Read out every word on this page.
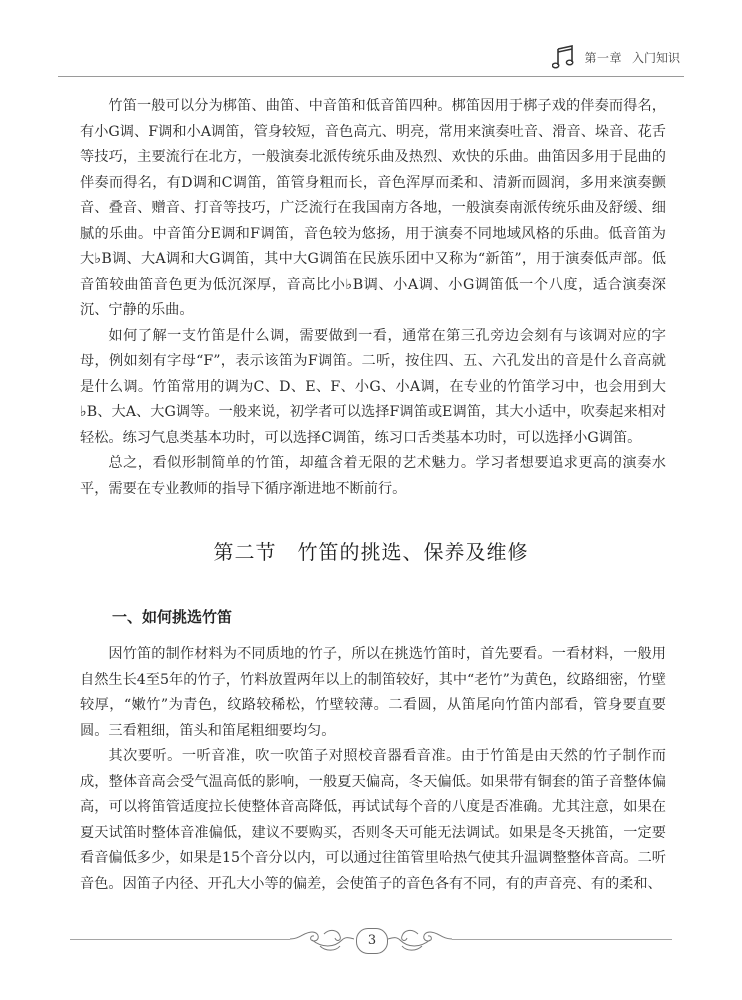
第一章 入门知识

竹笛一般可以分为梆笛、曲笛、中音笛和低音笛四种。梆笛因用于梆子戏的伴奏而得名，有小G调、F调和小A调笛，管身较短，音色高亢、明亮，常用来演奏吐音、滑音、垛音、花舌等技巧，主要流行在北方，一般演奏北派传统乐曲及热烈、欢快的乐曲。曲笛因多用于昆曲的伴奏而得名，有D调和C调笛，笛管身粗而长，音色浑厚而柔和、清新而圆润，多用来演奏颤音、叠音、赠音、打音等技巧，广泛流行在我国南方各地，一般演奏南派传统乐曲及舒缓、细腻的乐曲。中音笛分E调和F调笛，音色较为悠扬，用于演奏不同地域风格的乐曲。低音笛为大♭B调、大A调和大G调笛，其中大G调笛在民族乐团中又称为“新笛”，用于演奏低声部。低音笛较曲笛音色更为低沉深厚，音高比小♭B调、小A调、小G调笛低一个八度，适合演奏深沉、宁静的乐曲。

如何了解一支竹笛是什么调，需要做到一看，通常在第三孔旁边会刻有与该调对应的字母，例如刻有字母“F”，表示该笛为F调笛。二听，按住四、五、六孔发出的音是什么音高就是什么调。竹笛常用的调为C、D、E、F、小G、小A调，在专业的竹笛学习中，也会用到大♭B、大A、大G调等。一般来说，初学者可以选择F调笛或E调笛，其大小适中，吹奏起来相对轻松。练习气息类基本功时，可以选择C调笛，练习口舌类基本功时，可以选择小G调笛。

总之，看似形制简单的竹笛，却蕴含着无限的艺术魅力。学习者想要追求更高的演奏水平，需要在专业教师的指导下循序渐进地不断前行。

第二节　竹笛的挑选、保养及维修
一、如何挑选竹笛

因竹笛的制作材料为不同质地的竹子，所以在挑选竹笛时，首先要看。一看材料，一般用自然生长4至5年的竹子，竹料放置两年以上的制笛较好，其中“老竹”为黄色，纹路细密，竹壁较厚，“嫩竹”为青色，纹路较稀松，竹壁较薄。二看圆，从笛尾向竹笛内部看，管身要直要圆。三看粗细，笛头和笛尾粗细要均匀。

其次要听。一听音准，吹一吹笛子对照校音器看音准。由于竹笛是由天然的竹子制作而成，整体音高会受气温高低的影响，一般夏天偏高，冬天偏低。如果带有铜套的笛子音整体偏高，可以将笛管适度拉长使整体音高降低，再试试每个音的八度是否准确。尤其注意，如果在夏天试笛时整体音准偏低，建议不要购买，否则冬天可能无法调试。如果是冬天挑笛，一定要看音偏低多少，如果是15个音分以内，可以通过往笛管里哈热气使其升温调整整体音高。二听音色。因笛子内径、开孔大小等的偏差，会使笛子的音色各有不同，有的声音亮、有的柔和、

3
